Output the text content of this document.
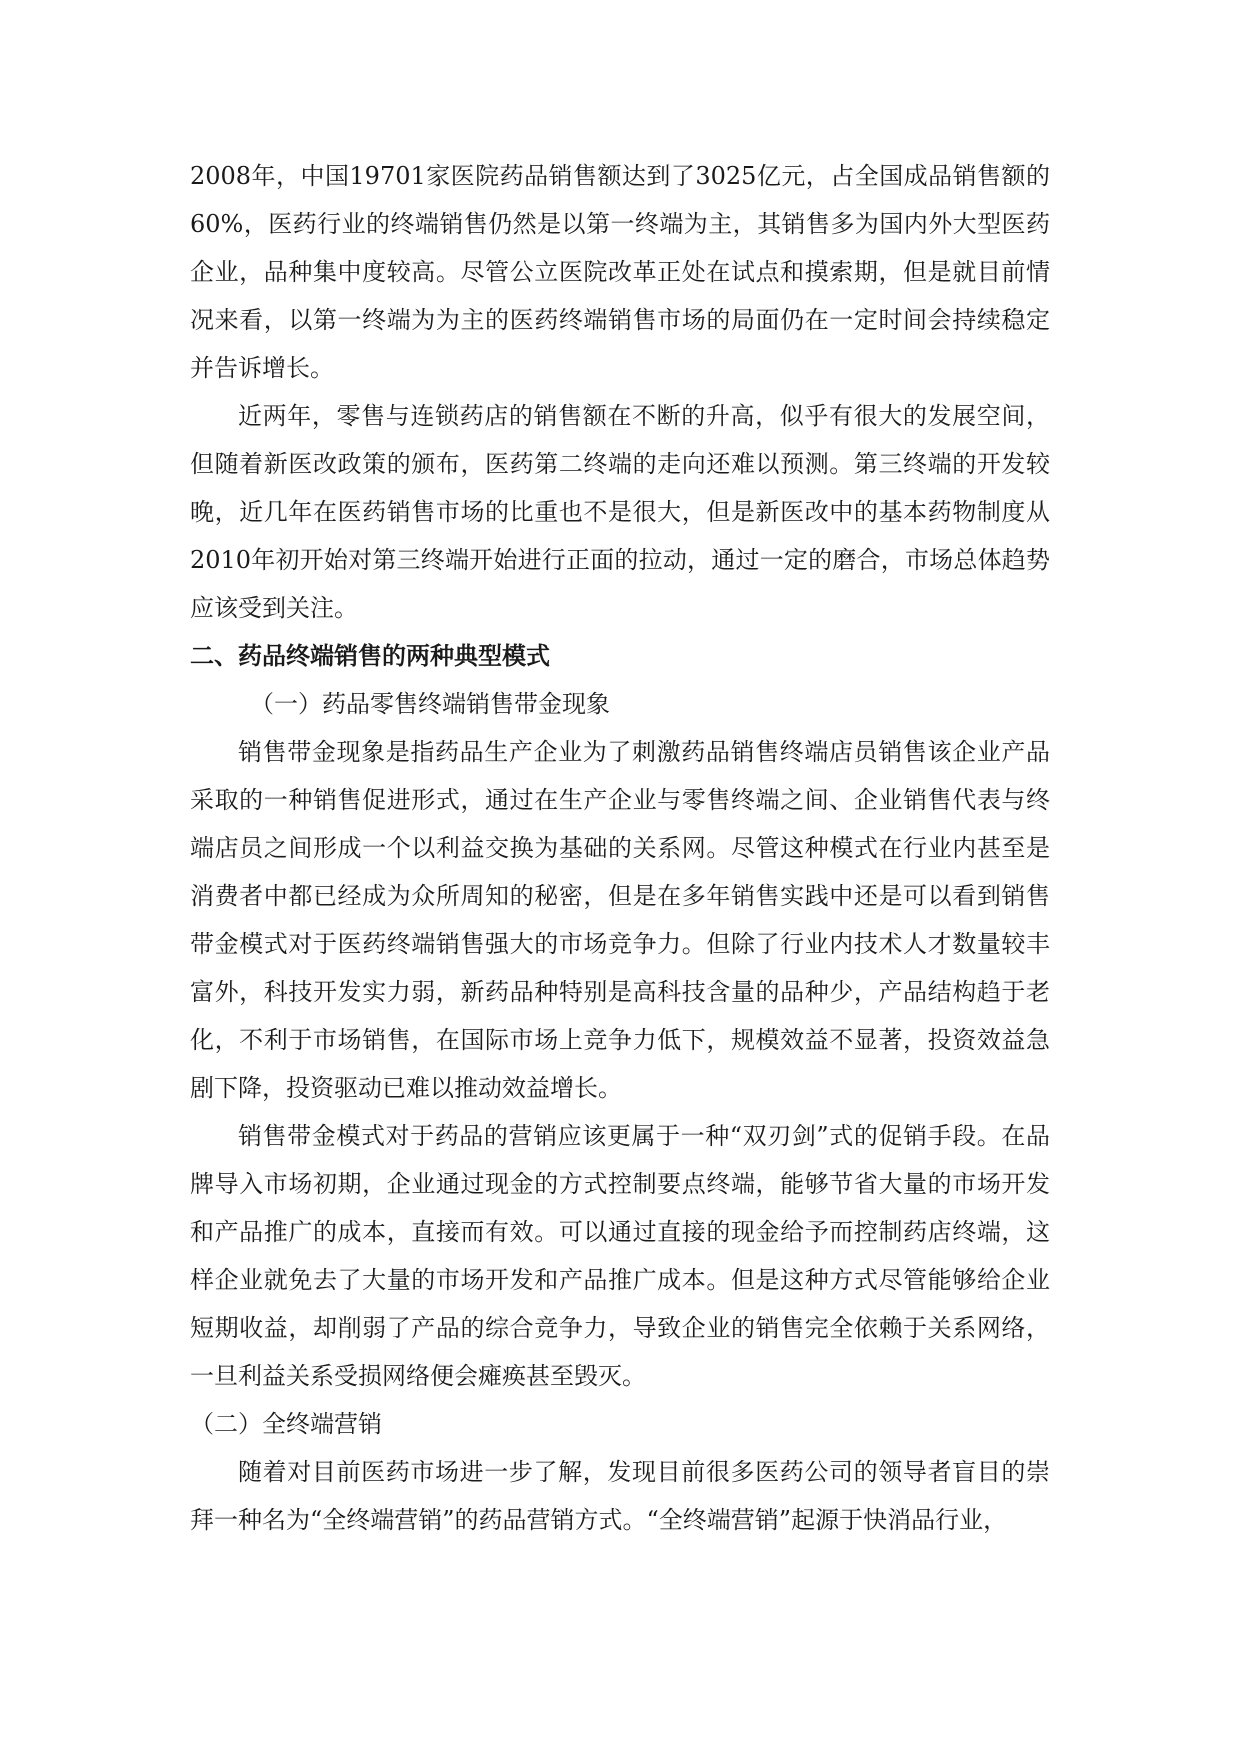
2008年，中国19701家医院药品销售额达到了3025亿元，占全国成品销售额的60%，医药行业的终端销售仍然是以第一终端为主，其销售多为国内外大型医药企业，品种集中度较高。尽管公立医院改革正处在试点和摸索期，但是就目前情况来看，以第一终端为为主的医药终端销售市场的局面仍在一定时间会持续稳定并告诉增长。

近两年，零售与连锁药店的销售额在不断的升高，似乎有很大的发展空间，但随着新医改政策的颁布，医药第二终端的走向还难以预测。第三终端的开发较晚，近几年在医药销售市场的比重也不是很大，但是新医改中的基本药物制度从2010年初开始对第三终端开始进行正面的拉动，通过一定的磨合，市场总体趋势应该受到关注。

二、药品终端销售的两种典型模式

（一）药品零售终端销售带金现象

销售带金现象是指药品生产企业为了刺激药品销售终端店员销售该企业产品采取的一种销售促进形式，通过在生产企业与零售终端之间、企业销售代表与终端店员之间形成一个以利益交换为基础的关系网。尽管这种模式在行业内甚至是消费者中都已经成为众所周知的秘密，但是在多年销售实践中还是可以看到销售带金模式对于医药终端销售强大的市场竞争力。但除了行业内技术人才数量较丰富外，科技开发实力弱，新药品种特别是高科技含量的品种少，产品结构趋于老化，不利于市场销售，在国际市场上竞争力低下，规模效益不显著，投资效益急剧下降，投资驱动已难以推动效益增长。

销售带金模式对于药品的营销应该更属于一种“双刃剑”式的促销手段。在品牌导入市场初期，企业通过现金的方式控制要点终端，能够节省大量的市场开发和产品推广的成本，直接而有效。可以通过直接的现金给予而控制药店终端，这样企业就免去了大量的市场开发和产品推广成本。但是这种方式尽管能够给企业短期收益，却削弱了产品的综合竞争力，导致企业的销售完全依赖于关系网络，一旦利益关系受损网络便会瘫痪甚至毁灭。

（二）全终端营销

随着对目前医药市场进一步了解，发现目前很多医药公司的领导者盲目的崇拜一种名为“全终端营销”的药品营销方式。“全终端营销”起源于快消品行业，
